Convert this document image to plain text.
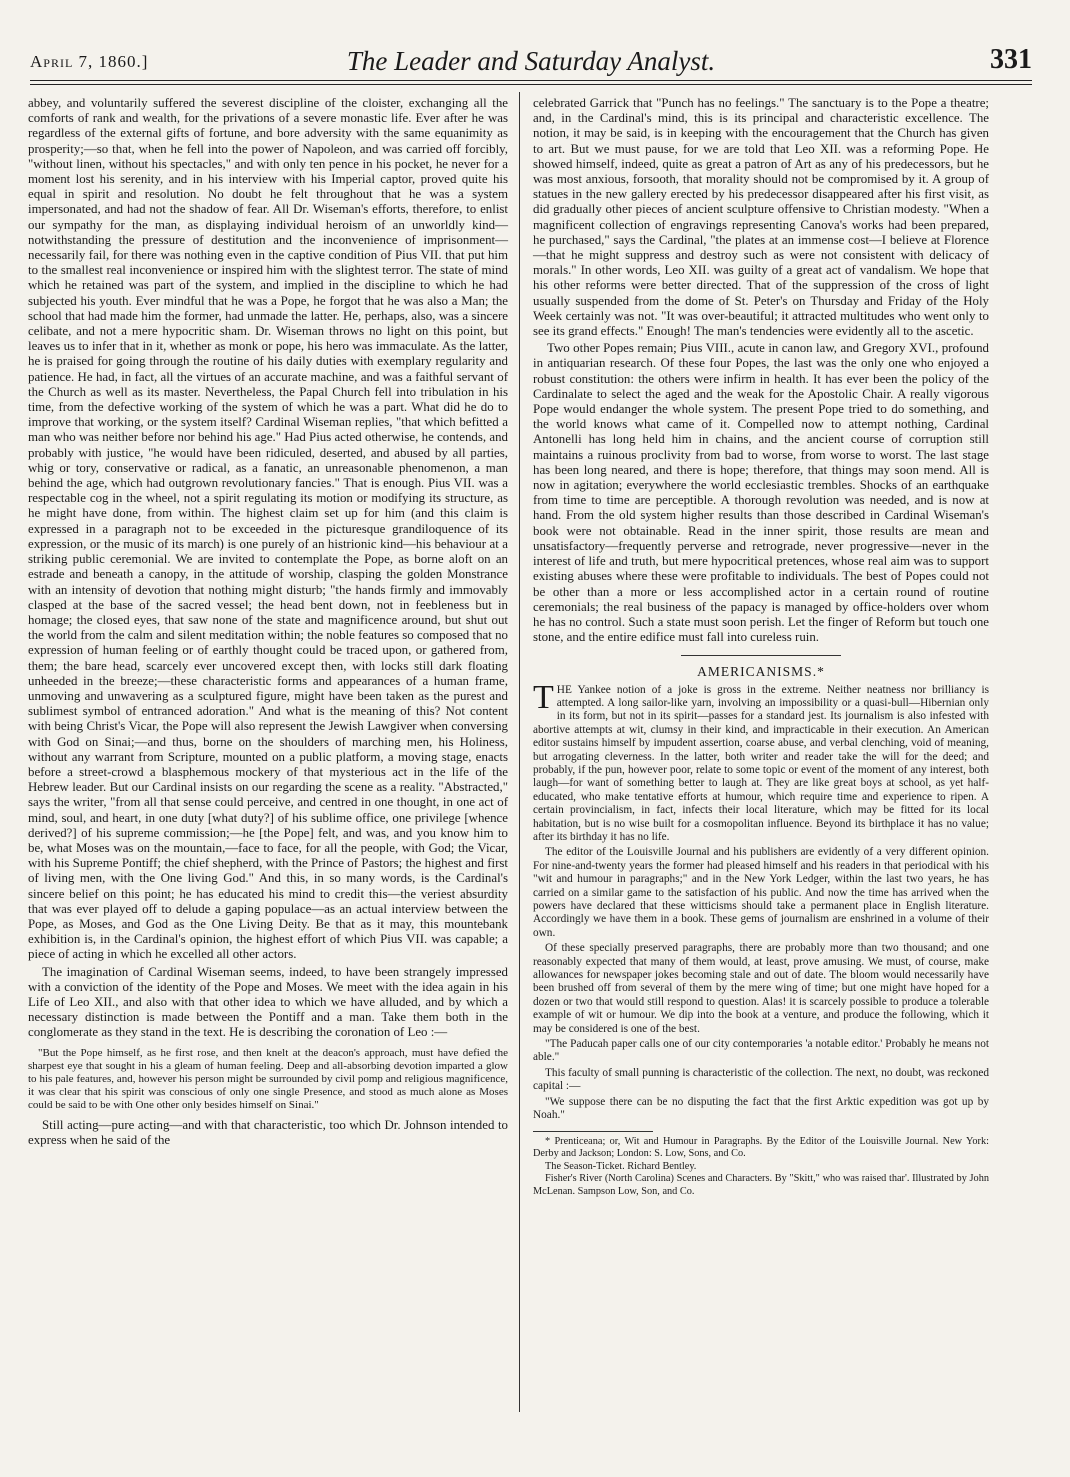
April 7, 1860.]	The Leader and Saturday Analyst.	331

abbey, and voluntarily suffered the severest discipline of the cloister, exchanging all the comforts of rank and wealth, for the privations of a severe monastic life. Ever after he was regardless of the external gifts of fortune, and bore adversity with the same equanimity as prosperity;—so that, when he fell into the power of Napoleon, and was carried off forcibly, "without linen, without his spectacles," and with only ten pence in his pocket, he never for a moment lost his serenity, and in his interview with his Imperial captor, proved quite his equal in spirit and resolution. No doubt he felt throughout that he was a system impersonated, and had not the shadow of fear. All Dr. Wiseman's efforts, therefore, to enlist our sympathy for the man, as displaying individual heroism of an unworldly kind—notwithstanding the pressure of destitution and the inconvenience of imprisonment—necessarily fail, for there was nothing even in the captive condition of Pius VII. that put him to the smallest real inconvenience or inspired him with the slightest terror. The state of mind which he retained was part of the system, and implied in the discipline to which he had subjected his youth. Ever mindful that he was a Pope, he forgot that he was also a Man; the school that had made him the former, had unmade the latter. He, perhaps, also, was a sincere celibate, and not a mere hypocritic sham. Dr. Wiseman throws no light on this point, but leaves us to infer that in it, whether as monk or pope, his hero was immaculate. As the latter, he is praised for going through the routine of his daily duties with exemplary regularity and patience. He had, in fact, all the virtues of an accurate machine, and was a faithful servant of the Church as well as its master. Nevertheless, the Papal Church fell into tribulation in his time, from the defective working of the system of which he was a part. What did he do to improve that working, or the system itself? Cardinal Wiseman replies, "that which befitted a man who was neither before nor behind his age." Had Pius acted otherwise, he contends, and probably with justice, "he would have been ridiculed, deserted, and abused by all parties, whig or tory, conservative or radical, as a fanatic, an unreasonable phenomenon, a man behind the age, which had outgrown revolutionary fancies." That is enough. Pius VII. was a respectable cog in the wheel, not a spirit regulating its motion or modifying its structure, as he might have done, from within. The highest claim set up for him (and this claim is expressed in a paragraph not to be exceeded in the picturesque grandiloquence of its expression, or the music of its march) is one purely of an histrionic kind—his behaviour at a striking public ceremonial. We are invited to contemplate the Pope, as borne aloft on an estrade and beneath a canopy, in the attitude of worship, clasping the golden Monstrance with an intensity of devotion that nothing might disturb; "the hands firmly and immovably clasped at the base of the sacred vessel; the head bent down, not in feebleness but in homage; the closed eyes, that saw none of the state and magnificence around, but shut out the world from the calm and silent meditation within; the noble features so composed that no expression of human feeling or of earthly thought could be traced upon, or gathered from, them; the bare head, scarcely ever uncovered except then, with locks still dark floating unheeded in the breeze;—these characteristic forms and appearances of a human frame, unmoving and unwavering as a sculptured figure, might have been taken as the purest and sublimest symbol of entranced adoration." And what is the meaning of this? Not content with being Christ's Vicar, the Pope will also represent the Jewish Lawgiver when conversing with God on Sinai;—and thus, borne on the shoulders of marching men, his Holiness, without any warrant from Scripture, mounted on a public platform, a moving stage, enacts before a street-crowd a blasphemous mockery of that mysterious act in the life of the Hebrew leader. But our Cardinal insists on our regarding the scene as a reality. "Abstracted," says the writer, "from all that sense could perceive, and centred in one thought, in one act of mind, soul, and heart, in one duty [what duty?] of his sublime office, one privilege [whence derived?] of his supreme commission;—he [the Pope] felt, and was, and you know him to be, what Moses was on the mountain,—face to face, for all the people, with God; the Vicar, with his Supreme Pontiff; the chief shepherd, with the Prince of Pastors; the highest and first of living men, with the One living God." And this, in so many words, is the Cardinal's sincere belief on this point; he has educated his mind to credit this—the veriest absurdity that was ever played off to delude a gaping populace—as an actual interview between the Pope, as Moses, and God as the One Living Deity. Be that as it may, this mountebank exhibition is, in the Cardinal's opinion, the highest effort of which Pius VII. was capable; a piece of acting in which he excelled all other actors.

The imagination of Cardinal Wiseman seems, indeed, to have been strangely impressed with a conviction of the identity of the Pope and Moses. We meet with the idea again in his Life of Leo XII., and also with that other idea to which we have alluded, and by which a necessary distinction is made between the Pontiff and a man. Take them both in the conglomerate as they stand in the text. He is describing the coronation of Leo :—

"But the Pope himself, as he first rose, and then knelt at the deacon's approach, must have defied the sharpest eye that sought in his a gleam of human feeling. Deep and all-absorbing devotion imparted a glow to his pale features, and, however his person might be surrounded by civil pomp and religious magnificence, it was clear that his spirit was conscious of only one single Presence, and stood as much alone as Moses could be said to be with One other only besides himself on Sinai."

Still acting—pure acting—and with that characteristic, too which Dr. Johnson intended to express when he said of the

celebrated Garrick that "Punch has no feelings." The sanctuary is to the Pope a theatre; and, in the Cardinal's mind, this is its principal and characteristic excellence. The notion, it may be said, is in keeping with the encouragement that the Church has given to art. But we must pause, for we are told that Leo XII. was a reforming Pope. He showed himself, indeed, quite as great a patron of Art as any of his predecessors, but he was most anxious, forsooth, that morality should not be compromised by it. A group of statues in the new gallery erected by his predecessor disappeared after his first visit, as did gradually other pieces of ancient sculpture offensive to Christian modesty. "When a magnificent collection of engravings representing Canova's works had been prepared, he purchased," says the Cardinal, "the plates at an immense cost—I believe at Florence—that he might suppress and destroy such as were not consistent with delicacy of morals." In other words, Leo XII. was guilty of a great act of vandalism. We hope that his other reforms were better directed. That of the suppression of the cross of light usually suspended from the dome of St. Peter's on Thursday and Friday of the Holy Week certainly was not. "It was over-beautiful; it attracted multitudes who went only to see its grand effects." Enough! The man's tendencies were evidently all to the ascetic.

Two other Popes remain; Pius VIII., acute in canon law, and Gregory XVI., profound in antiquarian research. Of these four Popes, the last was the only one who enjoyed a robust constitution: the others were infirm in health. It has ever been the policy of the Cardinalate to select the aged and the weak for the Apostolic Chair. A really vigorous Pope would endanger the whole system. The present Pope tried to do something, and the world knows what came of it. Compelled now to attempt nothing, Cardinal Antonelli has long held him in chains, and the ancient course of corruption still maintains a ruinous proclivity from bad to worse, from worse to worst. The last stage has been long neared, and there is hope; therefore, that things may soon mend. All is now in agitation; everywhere the world ecclesiastic trembles. Shocks of an earthquake from time to time are perceptible. A thorough revolution was needed, and is now at hand. From the old system higher results than those described in Cardinal Wiseman's book were not obtainable. Read in the inner spirit, those results are mean and unsatisfactory—frequently perverse and retrograde, never progressive—never in the interest of life and truth, but mere hypocritical pretences, whose real aim was to support existing abuses where these were profitable to individuals. The best of Popes could not be other than a more or less accomplished actor in a certain round of routine ceremonials; the real business of the papacy is managed by office-holders over whom he has no control. Such a state must soon perish. Let the finger of Reform but touch one stone, and the entire edifice must fall into cureless ruin.

AMERICANISMS.*

THE Yankee notion of a joke is gross in the extreme. Neither neatness nor brilliancy is attempted. A long sailor-like yarn, involving an impossibility or a quasi-bull—Hibernian only in its form, but not in its spirit—passes for a standard jest. Its journalism is also infested with abortive attempts at wit, clumsy in their kind, and impracticable in their execution. An American editor sustains himself by impudent assertion, coarse abuse, and verbal clenching, void of meaning, but arrogating cleverness. In the latter, both writer and reader take the will for the deed; and probably, if the pun, however poor, relate to some topic or event of the moment of any interest, both laugh—for want of something better to laugh at. They are like great boys at school, as yet half-educated, who make tentative efforts at humour, which require time and experience to ripen. A certain provincialism, in fact, infects their local literature, which may be fitted for its local habitation, but is no wise built for a cosmopolitan influence. Beyond its birthplace it has no value; after its birthday it has no life.

The editor of the Louisville Journal and his publishers are evidently of a very different opinion. For nine-and-twenty years the former had pleased himself and his readers in that periodical with his "wit and humour in paragraphs;" and in the New York Ledger, within the last two years, he has carried on a similar game to the satisfaction of his public. And now the time has arrived when the powers have declared that these witticisms should take a permanent place in English literature. Accordingly we have them in a book. These gems of journalism are enshrined in a volume of their own.

Of these specially preserved paragraphs, there are probably more than two thousand; and one reasonably expected that many of them would, at least, prove amusing. We must, of course, make allowances for newspaper jokes becoming stale and out of date. The bloom would necessarily have been brushed off from several of them by the mere wing of time; but one might have hoped for a dozen or two that would still respond to question. Alas! it is scarcely possible to produce a tolerable example of wit or humour. We dip into the book at a venture, and produce the following, which it may be considered is one of the best.

"The Paducah paper calls one of our city contemporaries 'a notable editor.' Probably he means not able."

This faculty of small punning is characteristic of the collection. The next, no doubt, was reckoned capital :—

"We suppose there can be no disputing the fact that the first Arktic expedition was got up by Noah."

* Prenticeana; or, Wit and Humour in Paragraphs. By the Editor of the Louisville Journal. New York: Derby and Jackson; London: S. Low, Sons, and Co.

The Season-Ticket. Richard Bentley.

Fisher's River (North Carolina) Scenes and Characters. By "Skitt," who was raised thar'. Illustrated by John McLenan. Sampson Low, Son, and Co.
